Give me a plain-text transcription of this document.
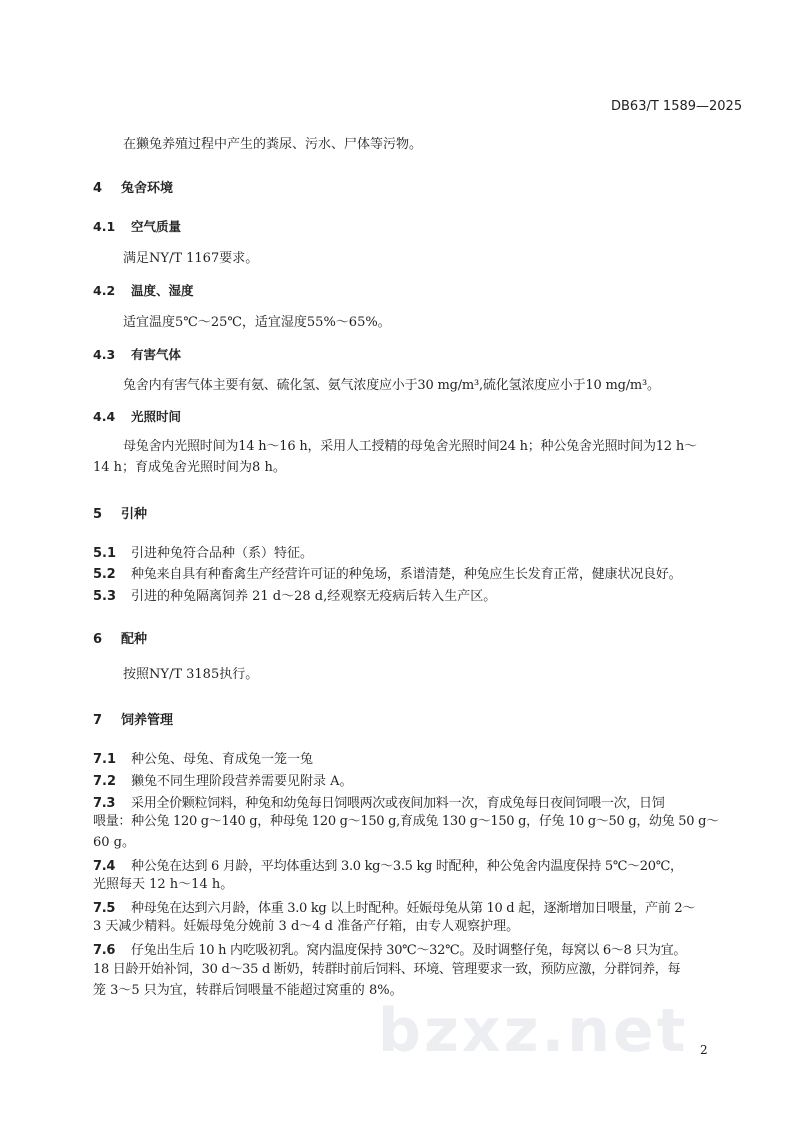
DB63/T 1589—2025
在獭兔养殖过程中产生的粪尿、污水、尸体等污物。
4 兔舍环境
4.1 空气质量
满足NY/T 1167要求。
4.2 温度、湿度
适宜温度5℃～25℃，适宜湿度55%～65%。
4.3 有害气体
兔舍内有害气体主要有氨、硫化氢、氨气浓度应小于30 mg/m³,硫化氢浓度应小于10 mg/m³。
4.4 光照时间
母兔舍内光照时间为14 h～16 h，采用人工授精的母兔舍光照时间24 h；种公兔舍光照时间为12 h～
14 h；育成兔舍光照时间为8 h。
5 引种
5.1 引进种兔符合品种（系）特征。
5.2 种兔来自具有种畜禽生产经营许可证的种兔场，系谱清楚，种兔应生长发育正常，健康状况良好。
5.3 引进的种兔隔离饲养 21 d～28 d,经观察无疫病后转入生产区。
6 配种
按照NY/T 3185执行。
7 饲养管理
7.1 种公兔、母兔、育成兔一笼一兔
7.2 獭兔不同生理阶段营养需要见附录 A。
7.3 采用全价颗粒饲料，种兔和幼兔每日饲喂两次或夜间加料一次，育成兔每日夜间饲喂一次，日饲
喂量：种公兔 120 g～140 g，种母兔 120 g～150 g,育成兔 130 g～150 g，仔兔 10 g～50 g，幼兔 50 g～
60 g。
7.4 种公兔在达到 6 月龄，平均体重达到 3.0 kg～3.5 kg 时配种，种公兔舍内温度保持 5℃～20℃，
光照每天 12 h～14 h。
7.5 种母兔在达到六月龄，体重 3.0 kg 以上时配种。妊娠母兔从第 10 d 起，逐渐增加日喂量，产前 2～
3 天减少精料。妊娠母兔分娩前 3 d～4 d 准备产仔箱，由专人观察护理。
7.6 仔兔出生后 10 h 内吃吸初乳。窝内温度保持 30℃～32℃。及时调整仔兔，每窝以 6～8 只为宜。
18 日龄开始补饲，30 d～35 d 断奶，转群时前后饲料、环境、管理要求一致，预防应激，分群饲养，每
笼 3～5 只为宜，转群后饲喂量不能超过窝重的 8%。
bzxz.net 2
